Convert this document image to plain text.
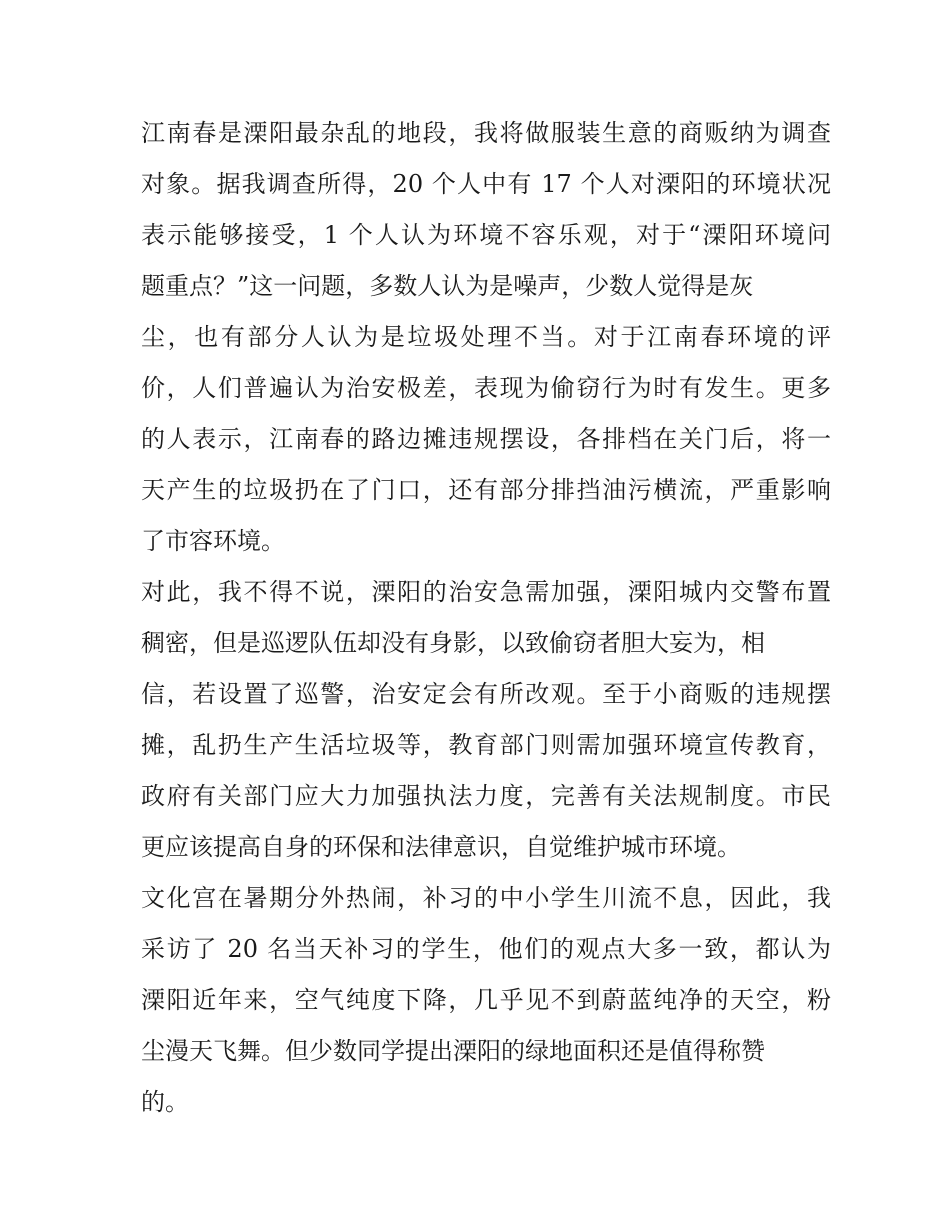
江南春是溧阳最杂乱的地段，我将做服装生意的商贩纳为调查
对象。据我调查所得，20 个人中有 17 个人对溧阳的环境状况
表示能够接受，1 个人认为环境不容乐观，对于“溧阳环境问
题重点？”这一问题，多数人认为是噪声，少数人觉得是灰
尘，也有部分人认为是垃圾处理不当。对于江南春环境的评
价，人们普遍认为治安极差，表现为偷窃行为时有发生。更多
的人表示，江南春的路边摊违规摆设，各排档在关门后，将一
天产生的垃圾扔在了门口，还有部分排挡油污横流，严重影响
了市容环境。
对此，我不得不说，溧阳的治安急需加强，溧阳城内交警布置
稠密，但是巡逻队伍却没有身影，以致偷窃者胆大妄为，相
信，若设置了巡警，治安定会有所改观。至于小商贩的违规摆
摊，乱扔生产生活垃圾等，教育部门则需加强环境宣传教育，
政府有关部门应大力加强执法力度，完善有关法规制度。市民
更应该提高自身的环保和法律意识，自觉维护城市环境。
文化宫在暑期分外热闹，补习的中小学生川流不息，因此，我
采访了 20 名当天补习的学生，他们的观点大多一致，都认为
溧阳近年来，空气纯度下降，几乎见不到蔚蓝纯净的天空，粉
尘漫天飞舞。但少数同学提出溧阳的绿地面积还是值得称赞
的。
